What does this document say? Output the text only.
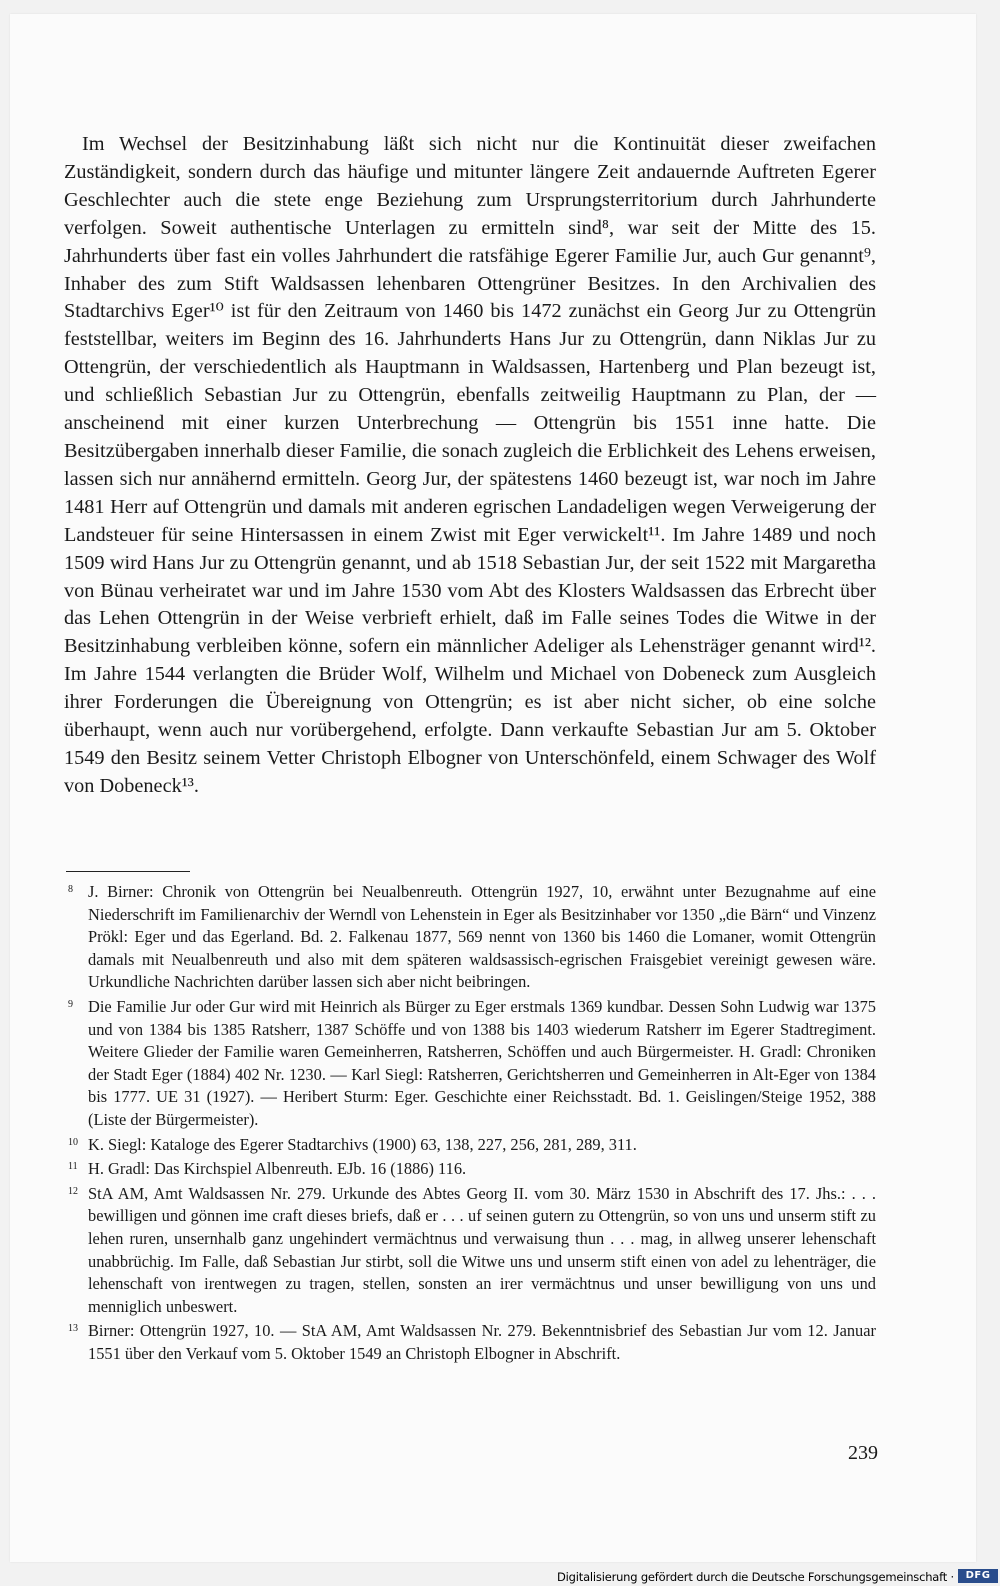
Im Wechsel der Besitzinhabung läßt sich nicht nur die Kontinuität dieser zweifachen Zuständigkeit, sondern durch das häufige und mitunter längere Zeit andauernde Auftreten Egerer Geschlechter auch die stete enge Beziehung zum Ursprungsterritorium durch Jahrhunderte verfolgen. Soweit authentische Unterlagen zu ermitteln sind⁸, war seit der Mitte des 15. Jahrhunderts über fast ein volles Jahrhundert die ratsfähige Egerer Familie Jur, auch Gur genannt⁹, Inhaber des zum Stift Waldsassen lehenbaren Ottengrüner Besitzes. In den Archivalien des Stadtarchivs Eger¹⁰ ist für den Zeitraum von 1460 bis 1472 zunächst ein Georg Jur zu Ottengrün feststellbar, weiters im Beginn des 16. Jahrhunderts Hans Jur zu Ottengrün, dann Niklas Jur zu Ottengrün, der verschiedentlich als Hauptmann in Waldsassen, Hartenberg und Plan bezeugt ist, und schließlich Sebastian Jur zu Ottengrün, ebenfalls zeitweilig Hauptmann zu Plan, der — anscheinend mit einer kurzen Unterbrechung — Ottengrün bis 1551 inne hatte. Die Besitzübergaben innerhalb dieser Familie, die sonach zugleich die Erblichkeit des Lehens erweisen, lassen sich nur annähernd ermitteln. Georg Jur, der spätestens 1460 bezeugt ist, war noch im Jahre 1481 Herr auf Ottengrün und damals mit anderen egrischen Landadeligen wegen Verweigerung der Landsteuer für seine Hintersassen in einem Zwist mit Eger verwickelt¹¹. Im Jahre 1489 und noch 1509 wird Hans Jur zu Ottengrün genannt, und ab 1518 Sebastian Jur, der seit 1522 mit Margaretha von Bünau verheiratet war und im Jahre 1530 vom Abt des Klosters Waldsassen das Erbrecht über das Lehen Ottengrün in der Weise verbrieft erhielt, daß im Falle seines Todes die Witwe in der Besitzinhabung verbleiben könne, sofern ein männlicher Adeliger als Lehensträger genannt wird¹². Im Jahre 1544 verlangten die Brüder Wolf, Wilhelm und Michael von Dobeneck zum Ausgleich ihrer Forderungen die Übereignung von Ottengrün; es ist aber nicht sicher, ob eine solche überhaupt, wenn auch nur vorübergehend, erfolgte. Dann verkaufte Sebastian Jur am 5. Oktober 1549 den Besitz seinem Vetter Christoph Elbogner von Unterschönfeld, einem Schwager des Wolf von Dobeneck¹³.

8 J. Birner: Chronik von Ottengrün bei Neualbenreuth. Ottengrün 1927, 10, erwähnt unter Bezugnahme auf eine Niederschrift im Familienarchiv der Werndl von Lehenstein in Eger als Besitzinhaber vor 1350 „die Bärn“ und Vinzenz Prökl: Eger und das Egerland. Bd. 2. Falkenau 1877, 569 nennt von 1360 bis 1460 die Lomaner, womit Ottengrün damals mit Neualbenreuth und also mit dem späteren waldsassisch-egrischen Fraisgebiet vereinigt gewesen wäre. Urkundliche Nachrichten darüber lassen sich aber nicht beibringen.

9 Die Familie Jur oder Gur wird mit Heinrich als Bürger zu Eger erstmals 1369 kundbar. Dessen Sohn Ludwig war 1375 und von 1384 bis 1385 Ratsherr, 1387 Schöffe und von 1388 bis 1403 wiederum Ratsherr im Egerer Stadtregiment. Weitere Glieder der Familie waren Gemeinherren, Ratsherren, Schöffen und auch Bürgermeister. H. Gradl: Chroniken der Stadt Eger (1884) 402 Nr. 1230. — Karl Siegl: Ratsherren, Gerichtsherren und Gemeinherren in Alt-Eger von 1384 bis 1777. UE 31 (1927). — Heribert Sturm: Eger. Geschichte einer Reichsstadt. Bd. 1. Geislingen/Steige 1952, 388 (Liste der Bürgermeister).

10 K. Siegl: Kataloge des Egerer Stadtarchivs (1900) 63, 138, 227, 256, 281, 289, 311.

11 H. Gradl: Das Kirchspiel Albenreuth. EJb. 16 (1886) 116.

12 StA AM, Amt Waldsassen Nr. 279. Urkunde des Abtes Georg II. vom 30. März 1530 in Abschrift des 17. Jhs.: . . . bewilligen und gönnen ime craft dieses briefs, daß er . . . uf seinen gutern zu Ottengrün, so von uns und unserm stift zu lehen ruren, unsernhalb ganz ungehindert vermächtnus und verwaisung thun . . . mag, in allweg unserer lehenschaft unabbrüchig. Im Falle, daß Sebastian Jur stirbt, soll die Witwe uns und unserm stift einen von adel zu lehenträger, die lehenschaft von irentwegen zu tragen, stellen, sonsten an irer vermächtnus und unser bewilligung von uns und menniglich unbeswert.

13 Birner: Ottengrün 1927, 10. — StA AM, Amt Waldsassen Nr. 279. Bekenntnisbrief des Sebastian Jur vom 12. Januar 1551 über den Verkauf vom 5. Oktober 1549 an Christoph Elbogner in Abschrift.

239
Digitalisierung gefördert durch die Deutsche Forschungsgemeinschaft ·	DFG
